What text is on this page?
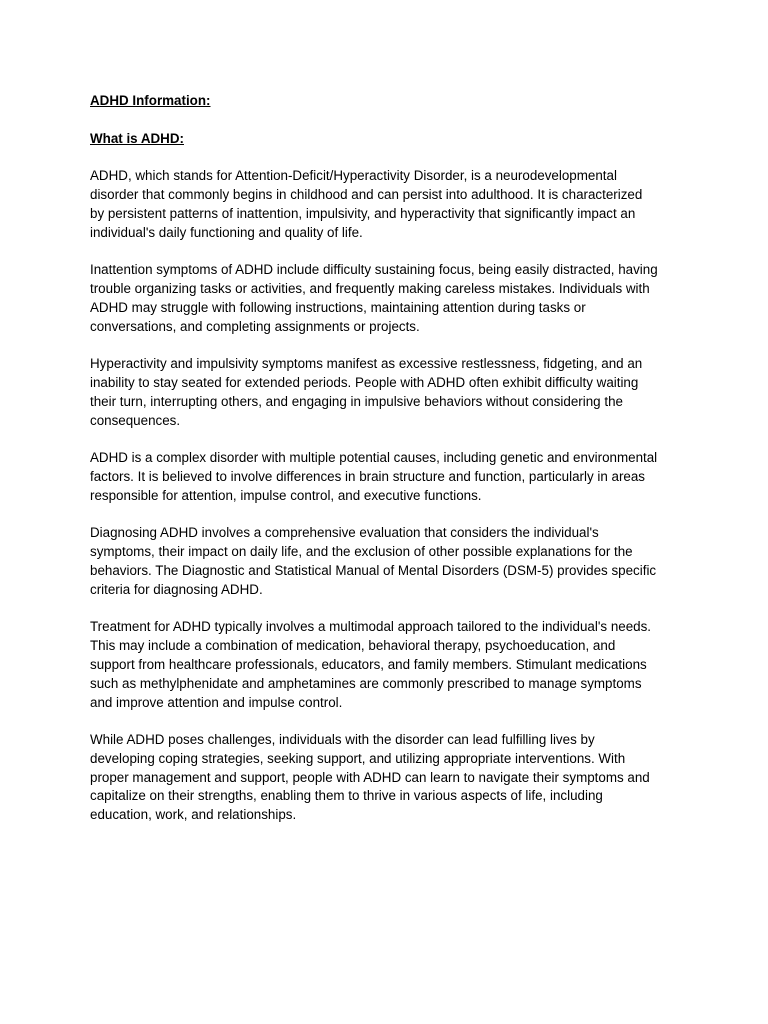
ADHD Information:

What is ADHD:

ADHD, which stands for Attention-Deficit/Hyperactivity Disorder, is a neurodevelopmental
disorder that commonly begins in childhood and can persist into adulthood. It is characterized
by persistent patterns of inattention, impulsivity, and hyperactivity that significantly impact an
individual's daily functioning and quality of life.

Inattention symptoms of ADHD include difficulty sustaining focus, being easily distracted, having
trouble organizing tasks or activities, and frequently making careless mistakes. Individuals with
ADHD may struggle with following instructions, maintaining attention during tasks or
conversations, and completing assignments or projects.

Hyperactivity and impulsivity symptoms manifest as excessive restlessness, fidgeting, and an
inability to stay seated for extended periods. People with ADHD often exhibit difficulty waiting
their turn, interrupting others, and engaging in impulsive behaviors without considering the
consequences.

ADHD is a complex disorder with multiple potential causes, including genetic and environmental
factors. It is believed to involve differences in brain structure and function, particularly in areas
responsible for attention, impulse control, and executive functions.

Diagnosing ADHD involves a comprehensive evaluation that considers the individual's
symptoms, their impact on daily life, and the exclusion of other possible explanations for the
behaviors. The Diagnostic and Statistical Manual of Mental Disorders (DSM-5) provides specific
criteria for diagnosing ADHD.

Treatment for ADHD typically involves a multimodal approach tailored to the individual's needs.
This may include a combination of medication, behavioral therapy, psychoeducation, and
support from healthcare professionals, educators, and family members. Stimulant medications
such as methylphenidate and amphetamines are commonly prescribed to manage symptoms
and improve attention and impulse control.

While ADHD poses challenges, individuals with the disorder can lead fulfilling lives by
developing coping strategies, seeking support, and utilizing appropriate interventions. With
proper management and support, people with ADHD can learn to navigate their symptoms and
capitalize on their strengths, enabling them to thrive in various aspects of life, including
education, work, and relationships.
